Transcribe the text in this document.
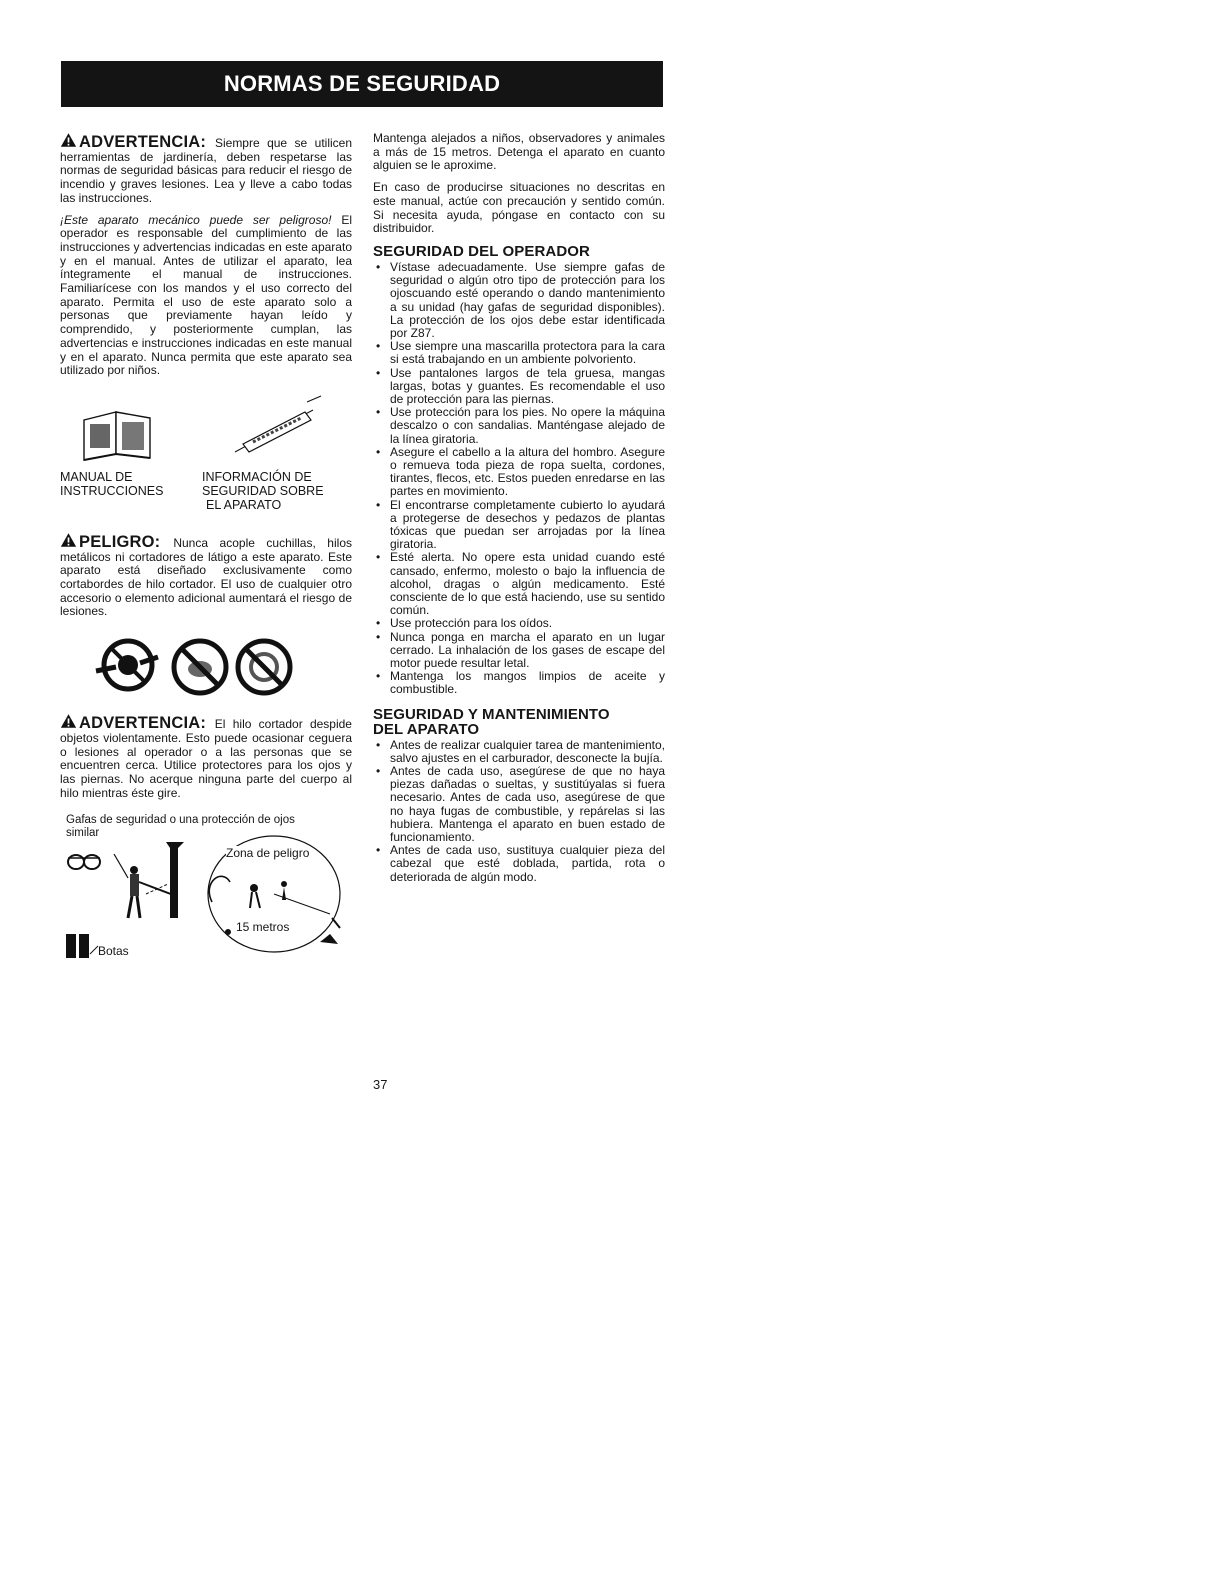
NORMAS DE SEGURIDAD

ADVERTENCIA: Siempre que se utilicen herramientas de jardinería, deben respetarse las normas de seguridad básicas para reducir el riesgo de incendio y graves lesiones. Lea y lleve a cabo todas las instrucciones.

¡Este aparato mecánico puede ser peligroso! El operador es responsable del cumplimiento de las instrucciones y advertencias indicadas en este aparato y en el manual. Antes de utilizar el aparato, lea íntegramente el manual de instrucciones. Familiarícese con los mandos y el uso correcto del aparato. Permita el uso de este aparato solo a personas que previamente hayan leído y comprendido, y posteriormente cumplan, las advertencias e instrucciones indicadas en este manual y en el aparato. Nunca permita que este aparato sea utilizado por niños.

MANUAL DE
INSTRUCCIONES
INFORMACIÓN DE
SEGURIDAD SOBRE
EL APARATO

PELIGRO: Nunca acople cuchillas, hilos metálicos ni cortadores de látigo a este aparato. Este aparato está diseñado exclusivamente como cortabordes de hilo cortador. El uso de cualquier otro accesorio o elemento adicional aumentará el riesgo de lesiones.

ADVERTENCIA: El hilo cortador despide objetos violentamente. Esto puede ocasionar ceguera o lesiones al operador o a las personas que se encuentren cerca. Utilice protectores para los ojos y las piernas. No acerque ninguna parte del cuerpo al hilo mientras éste gire.

Gafas de seguridad o una protección de ojos
similar
Botas
Zona de peligro
15 metros

Mantenga alejados a niños, observadores y animales a más de 15 metros. Detenga el aparato en cuanto alguien se le aproxime.

En caso de producirse situaciones no descritas en este manual, actúe con precaución y sentido común. Si necesita ayuda, póngase en contacto con su distribuidor.

SEGURIDAD DEL OPERADOR
• Vístase adecuadamente. Use siempre gafas de seguridad o algún otro tipo de protección para los ojoscuando esté operando o dando mantenimiento a su unidad (hay gafas de seguridad disponibles). La protección de los ojos debe estar identificada por Z87.
• Use siempre una mascarilla protectora para la cara si está trabajando en un ambiente polvoriento.
• Use pantalones largos de tela gruesa, mangas largas, botas y guantes. Es recomendable el uso de protección para las piernas.
• Use protección para los pies. No opere la máquina descalzo o con sandalias. Manténgase alejado de la línea giratoria.
• Asegure el cabello a la altura del hombro. Asegure o remueva toda pieza de ropa suelta, cordones, tirantes, flecos, etc. Estos pueden enredarse en las partes en movimiento.
• El encontrarse completamente cubierto lo ayudará a protegerse de desechos y pedazos de plantas tóxicas que puedan ser arrojadas por la línea giratoria.
• Esté alerta. No opere esta unidad cuando esté cansado, enfermo, molesto o bajo la influencia de alcohol, dragas o algún medicamento. Esté consciente de lo que está haciendo, use su sentido común.
• Use protección para los oídos.
• Nunca ponga en marcha el aparato en un lugar cerrado. La inhalación de los gases de escape del motor puede resultar letal.
• Mantenga los mangos limpios de aceite y combustible.
SEGURIDAD Y MANTENIMIENTO
DEL APARATO
• Antes de realizar cualquier tarea de mantenimiento, salvo ajustes en el carburador, desconecte la bujía.
• Antes de cada uso, asegúrese de que no haya piezas dañadas o sueltas, y sustitúyalas si fuera necesario. Antes de cada uso, asegúrese de que no haya fugas de combustible, y repárelas si las hubiera. Mantenga el aparato en buen estado de funcionamiento.
• Antes de cada uso, sustituya cualquier pieza del cabezal que esté doblada, partida, rota o deteriorada de algún modo.
37
